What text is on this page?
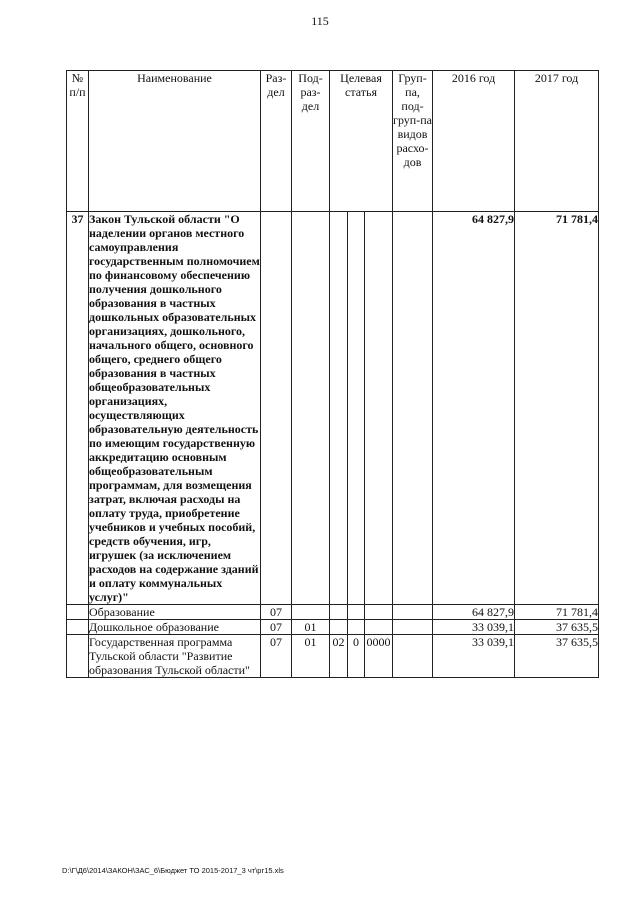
115
№ п/п	Наименование	Раз-дел	Под-раз-дел	Целевая статья			Груп-па, под-груп-па видов расхо-дов	2016 год	2017 год
37	Закон Тульской области "О наделении органов местного самоуправления государственным полномочием по финансовому обеспечению получения дошкольного образования в частных дошкольных образовательных организациях, дошкольного, начального общего, основного общего, среднего общего образования в частных общеобразовательных организациях, осуществляющих образовательную деятельность по имеющим государственную аккредитацию основным общеобразовательным программам, для возмещения затрат, включая расходы на оплату труда, приобретение учебников и учебных пособий, средств обучения, игр, игрушек (за исключением расходов на содержание зданий и оплату коммунальных услуг)"							64 827,9	71 781,4
	Образование	07						64 827,9	71 781,4
	Дошкольное образование	07	01					33 039,1	37 635,5
	Государственная программа Тульской области "Развитие образования Тульской области"	07	01	02	0	0000		33 039,1	37 635,5
D:\Г\Д6\2014\ЗАКОН\ЗАС_6\Бюджет ТО 2015-2017_3 чт\рг15.xls
